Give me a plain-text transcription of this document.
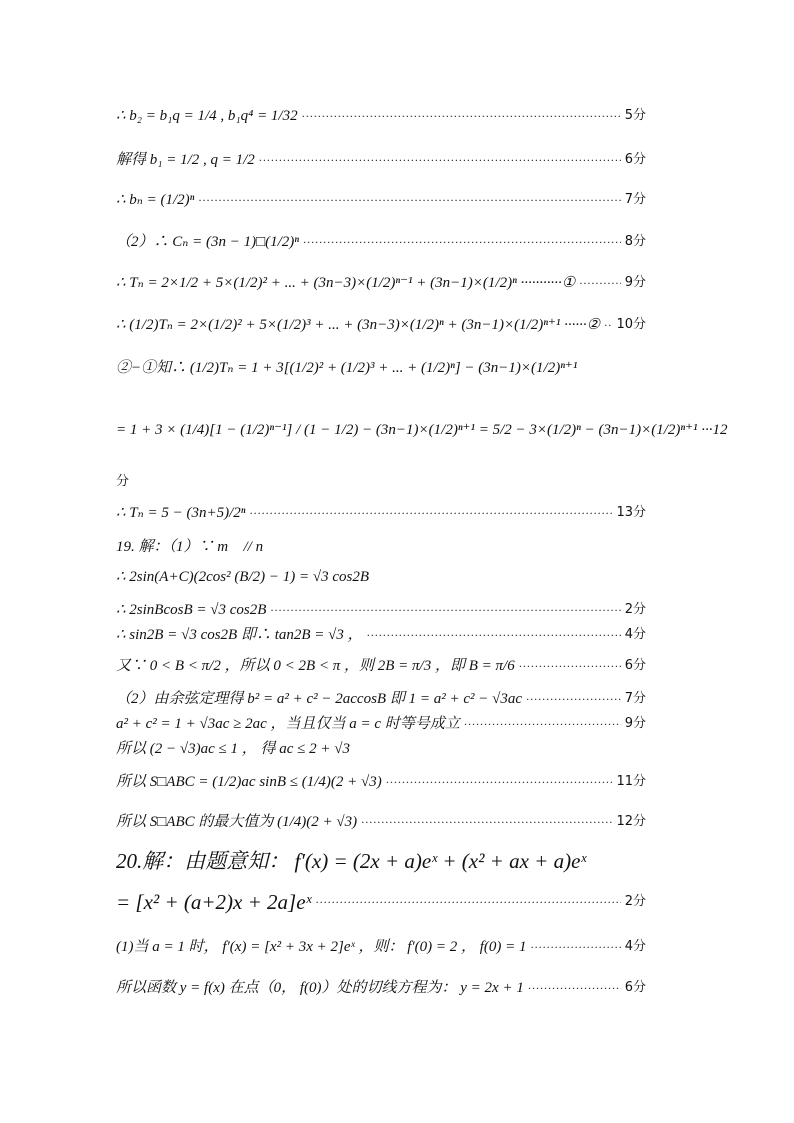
∴ b₂ = b₁q = 1/4 , b₁q⁴ = 1/32 ·····	5分
解得 b₁ = 1/2 , q = 1/2 ·····	6分
∴ bₙ = (1/2)ⁿ ·····	7分
（2）∴ Cₙ = (3n − 1)□(1/2)ⁿ ·····	8分
∴ Tₙ = 2×1/2 + 5×(1/2)² + ... + (3n−3)×(1/2)ⁿ⁻¹ + (3n−1)×(1/2)ⁿ ···········① ·····	9分
∴ (1/2)Tₙ = 2×(1/2)² + 5×(1/2)³ + ... + (3n−3)×(1/2)ⁿ + (3n−1)×(1/2)ⁿ⁺¹ ······② ····· 10分
②−①知∴ (1/2)Tₙ = 1 + 3[(1/2)² + (1/2)³ + ... + (1/2)ⁿ] − (3n−1)×(1/2)ⁿ⁺¹
= 1 + 3 × (1/4)[1 − (1/2)ⁿ⁻¹] / (1 − 1/2) − (3n−1)×(1/2)ⁿ⁺¹ = 5/2 − 3×(1/2)ⁿ − (3n−1)×(1/2)ⁿ⁺¹ ···12
分
∴ Tₙ = 5 − (3n+5)/2ⁿ ·····	13分
19. 解：（1）∵ m⃗ // n⃗
∴ 2sin(A+C)(2cos² (B/2) − 1) = √3 cos2B
∴ 2sinBcosB = √3 cos2B ·····	2分
∴ sin2B = √3 cos2B 即∴ tan2B = √3 ， ·····	4分
又∵ 0 < B < π/2 ，所以 0 < 2B < π ，则 2B = π/3 ，即 B = π/6 ·····	6分
（2）由余弦定理得 b² = a² + c² − 2accosB 即 1 = a² + c² − √3ac ·····	7分
a² + c² = 1 + √3ac ≥ 2ac ，当且仅当 a = c 时等号成立 ·····	9分
所以 (2 − √3)ac ≤ 1 ， 得 ac ≤ 2 + √3
所以 S□ABC = (1/2)ac sinB ≤ (1/4)(2 + √3) ·····	11分
所以 S□ABC 的最大值为 (1/4)(2 + √3) ·····	12分
20.解：由题意知： f′(x) = (2x + a)eˣ + (x² + ax + a)eˣ
= [x² + (a+2)x + 2a]eˣ ·····	2分
(1)当 a = 1 时， f′(x) = [x² + 3x + 2]eˣ ，则： f′(0) = 2 ， f(0) = 1 ·····	4分
所以函数 y = f(x) 在点（0， f(0)）处的切线方程为： y = 2x + 1 ·····	6分
